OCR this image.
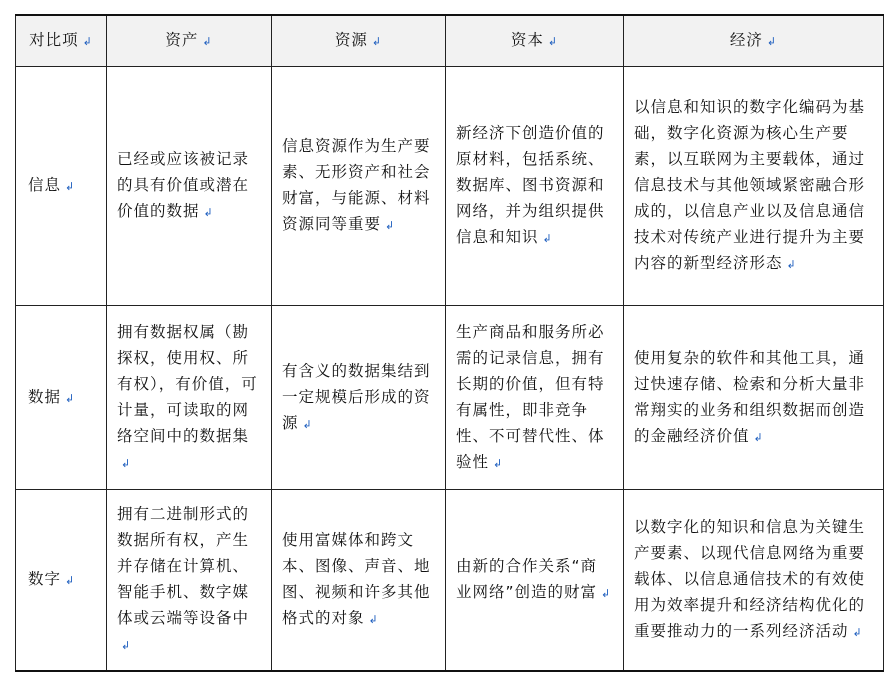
对比项 ↲	资产 ↲	资源 ↲	资本 ↲	经济 ↲
信息 ↲	已经或应该被记录的具有价值或潜在价值的数据 ↲	信息资源作为生产要素、无形资产和社会财富，与能源、材料资源同等重要 ↲	新经济下创造价值的原材料，包括系统、数据库、图书资源和网络，并为组织提供信息和知识 ↲	以信息和知识的数字化编码为基础，数字化资源为核心生产要素，以互联网为主要载体，通过信息技术与其他领域紧密融合形成的，以信息产业以及信息通信技术对传统产业进行提升为主要内容的新型经济形态 ↲
数据 ↲	拥有数据权属（勘探权，使用权、所有权），有价值，可计量，可读取的网络空间中的数据集↲	有含义的数据集结到一定规模后形成的资源 ↲	生产商品和服务所必需的记录信息，拥有长期的价值，但有特有属性，即非竞争性、不可替代性、体验性 ↲	使用复杂的软件和其他工具，通过快速存储、检索和分析大量非常翔实的业务和组织数据而创造的金融经济价值 ↲
数字 ↲	拥有二进制形式的数据所有权，产生并存储在计算机、智能手机、数字媒体或云端等设备中↲	使用富媒体和跨文本、图像、声音、地图、视频和许多其他格式的对象 ↲	由新的合作关系“商业网络”创造的财富 ↲	以数字化的知识和信息为关键生产要素、以现代信息网络为重要载体、以信息通信技术的有效使用为效率提升和经济结构优化的重要推动力的一系列经济活动 ↲
